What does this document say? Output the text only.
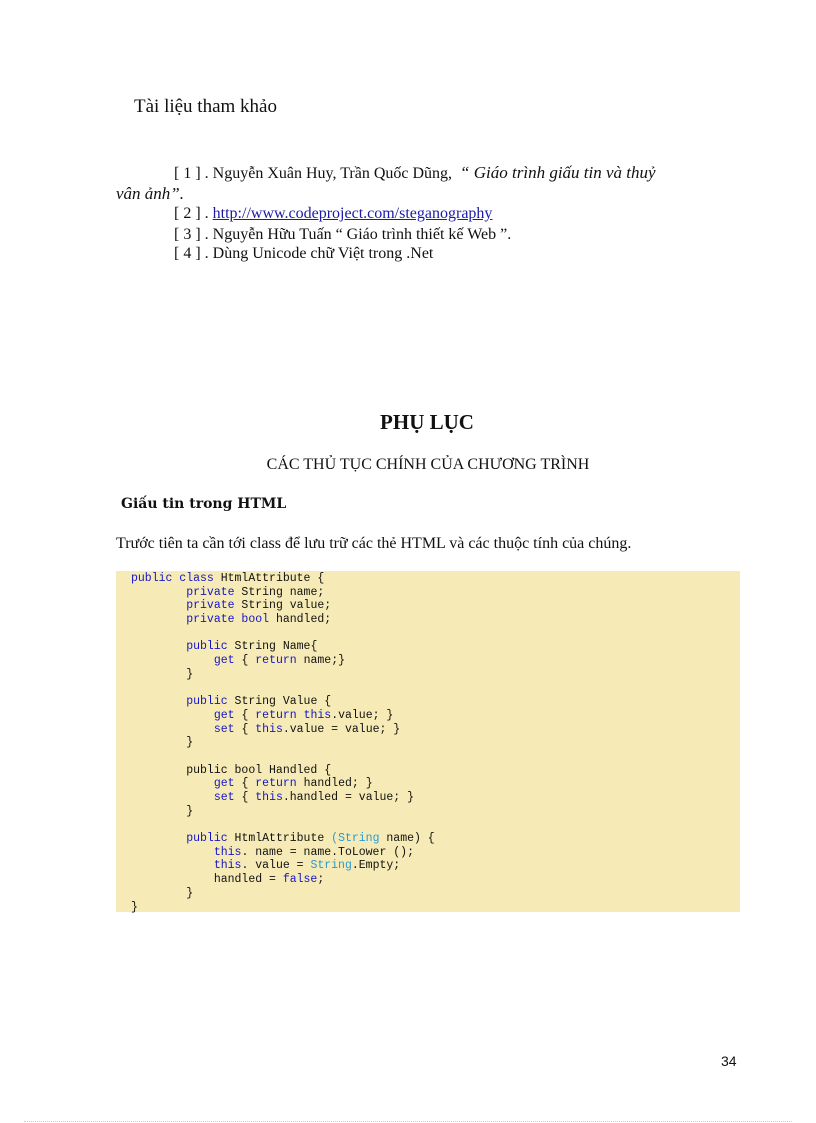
Tài liệu tham khảo

[ 1 ] . Nguyễn Xuân Huy, Trần Quốc Dũng, “ Giáo trình giấu tin và thuỷ

vân ảnh”.

[ 2 ] . http://www.codeproject.com/steganography

[ 3 ] . Nguyễn Hữu Tuấn “ Giáo trình thiết kế Web ”.

[ 4 ] . Dùng Unicode chữ Việt trong .Net

PHỤ LỤC
CÁC THỦ TỤC CHÍNH CỦA CHƯƠNG TRÌNH
Giấu tin trong HTML

Trước tiên ta cần tới class để lưu trữ các thẻ HTML và các thuộc tính của chúng.

public class HtmlAttribute {
private String name;
private String value;
private bool handled;
public String Name{
get { return name;}
}
public String Value {
get { return this.value; }
set { this.value = value; }
}
public bool Handled {
get { return handled; }
set { this.handled = value; }
}
public HtmlAttribute (String name) {
this. name = name.ToLower ();
this. value = String.Empty;
handled = false;
}
}

34
